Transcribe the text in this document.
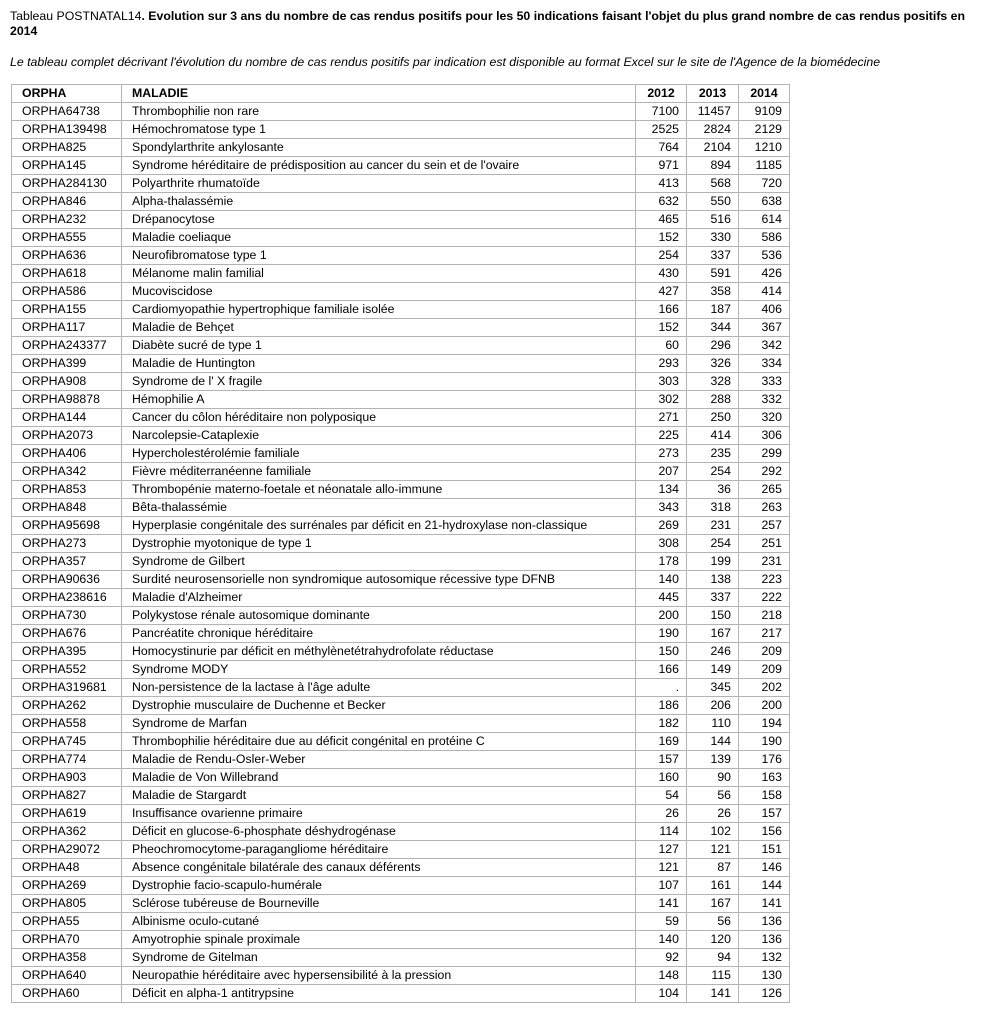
Tableau POSTNATAL14. Evolution sur 3 ans du nombre de cas rendus positifs pour les 50 indications faisant l'objet du plus grand nombre de cas rendus positifs en 2014
Le tableau complet décrivant l'évolution du nombre de cas rendus positifs par indication est disponible au format Excel sur le site de l'Agence de la biomédecine
ORPHA	MALADIE	2012	2013	2014
ORPHA64738	Thrombophilie non rare	7100	11457	9109
ORPHA139498	Hémochromatose type 1	2525	2824	2129
ORPHA825	Spondylarthrite ankylosante	764	2104	1210
ORPHA145	Syndrome héréditaire de prédisposition au cancer du sein et de l'ovaire	971	894	1185
ORPHA284130	Polyarthrite rhumatoïde	413	568	720
ORPHA846	Alpha-thalassémie	632	550	638
ORPHA232	Drépanocytose	465	516	614
ORPHA555	Maladie coeliaque	152	330	586
ORPHA636	Neurofibromatose type 1	254	337	536
ORPHA618	Mélanome malin familial	430	591	426
ORPHA586	Mucoviscidose	427	358	414
ORPHA155	Cardiomyopathie hypertrophique familiale isolée	166	187	406
ORPHA117	Maladie de Behçet	152	344	367
ORPHA243377	Diabète sucré de type 1	60	296	342
ORPHA399	Maladie de Huntington	293	326	334
ORPHA908	Syndrome de l' X fragile	303	328	333
ORPHA98878	Hémophilie A	302	288	332
ORPHA144	Cancer du côlon héréditaire non polyposique	271	250	320
ORPHA2073	Narcolepsie-Cataplexie	225	414	306
ORPHA406	Hypercholestérolémie familiale	273	235	299
ORPHA342	Fièvre méditerranéenne familiale	207	254	292
ORPHA853	Thrombopénie materno-foetale et néonatale allo-immune	134	36	265
ORPHA848	Bêta-thalassémie	343	318	263
ORPHA95698	Hyperplasie congénitale des surrénales par déficit en 21-hydroxylase non-classique	269	231	257
ORPHA273	Dystrophie myotonique de type 1	308	254	251
ORPHA357	Syndrome de Gilbert	178	199	231
ORPHA90636	Surdité neurosensorielle non syndromique autosomique récessive type DFNB	140	138	223
ORPHA238616	Maladie d'Alzheimer	445	337	222
ORPHA730	Polykystose rénale autosomique dominante	200	150	218
ORPHA676	Pancréatite chronique héréditaire	190	167	217
ORPHA395	Homocystinurie par déficit en méthylènetétrahydrofolate réductase	150	246	209
ORPHA552	Syndrome MODY	166	149	209
ORPHA319681	Non-persistence de la lactase à l'âge adulte	.	345	202
ORPHA262	Dystrophie musculaire de Duchenne et Becker	186	206	200
ORPHA558	Syndrome de Marfan	182	110	194
ORPHA745	Thrombophilie héréditaire due au déficit congénital en protéine C	169	144	190
ORPHA774	Maladie de Rendu-Osler-Weber	157	139	176
ORPHA903	Maladie de Von Willebrand	160	90	163
ORPHA827	Maladie de Stargardt	54	56	158
ORPHA619	Insuffisance ovarienne primaire	26	26	157
ORPHA362	Déficit en glucose-6-phosphate déshydrogénase	114	102	156
ORPHA29072	Pheochromocytome-paragangliome héréditaire	127	121	151
ORPHA48	Absence congénitale bilatérale des canaux déférents	121	87	146
ORPHA269	Dystrophie facio-scapulo-humérale	107	161	144
ORPHA805	Sclérose tubéreuse de Bourneville	141	167	141
ORPHA55	Albinisme oculo-cutané	59	56	136
ORPHA70	Amyotrophie spinale proximale	140	120	136
ORPHA358	Syndrome de Gitelman	92	94	132
ORPHA640	Neuropathie héréditaire avec hypersensibilité à la pression	148	115	130
ORPHA60	Déficit en alpha-1 antitrypsine	104	141	126
